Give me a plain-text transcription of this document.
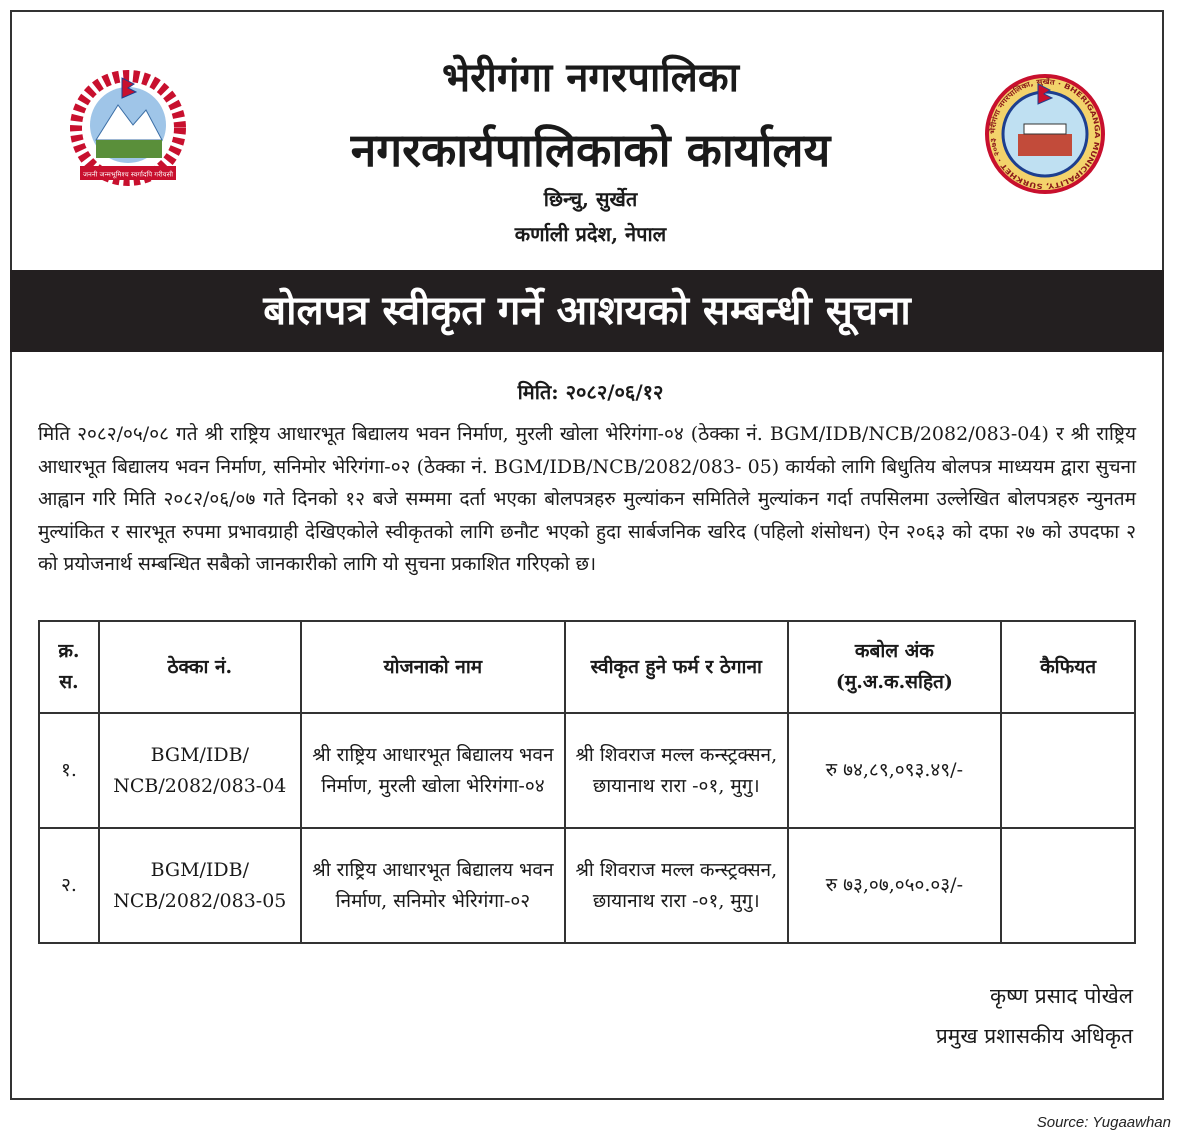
जननी जन्मभूमिश्च स्वर्गादपि गरीयसी
भेरीगंगा नगरपालिका, सुर्खेत · BHERIGANGA MUNICIPALITY, SURKHET · २०७३
भेरीगंगा नगरपालिका
नगरकार्यपालिकाको कार्यालय
छिन्चु, सुर्खेत
कर्णाली प्रदेश, नेपाल
बोलपत्र स्वीकृत गर्ने आशयको सम्बन्धी सूचना
मिति: २०८२/०६/१२
मिति २०८२/०५/०८ गते श्री राष्ट्रिय आधारभूत बिद्यालय भवन निर्माण, मुरली खोला भेरिगंगा-०४ (ठेक्का नं. BGM/IDB/NCB/2082/083-04) र श्री राष्ट्रिय आधारभूत बिद्यालय भवन निर्माण, सनिमोर भेरिगंगा-०२ (ठेक्का नं. BGM/IDB/NCB/2082/083- 05) कार्यको लागि बिधुतिय बोलपत्र माध्ययम द्वारा सुचना आह्वान गरि मिति २०८२/०६/०७ गते दिनको १२ बजे सम्ममा दर्ता भएका बोलपत्रहरु मुल्यांकन समितिले मुल्यांकन गर्दा तपसिलमा उल्लेखित बोलपत्रहरु न्युनतम मुल्यांकित र सारभूत रुपमा प्रभावग्राही देखिएकोले स्वीकृतको लागि छनौट भएको हुदा सार्बजनिक खरिद (पहिलो शंसोधन) ऐन २०६३ को दफा २७ को उपदफा २ को प्रयोजनार्थ सम्बन्धित सबैको जानकारीको लागि यो सुचना प्रकाशित गरिएको छ।
क्र. स.	ठेक्का नं.	योजनाको नाम	स्वीकृत हुने फर्म र ठेगाना	कबोल अंक (मु.अ.क.सहित)	कैफियत
१.	BGM/IDB/ NCB/2082/083-04	श्री राष्ट्रिय आधारभूत बिद्यालय भवन निर्माण, मुरली खोला भेरिगंगा-०४	श्री शिवराज मल्ल कन्स्ट्रक्सन, छायानाथ रारा -०१, मुगु।	रु ७४,८९,०९३.४९/-	
२.	BGM/IDB/ NCB/2082/083-05	श्री राष्ट्रिय आधारभूत बिद्यालय भवन निर्माण, सनिमोर भेरिगंगा-०२	श्री शिवराज मल्ल कन्स्ट्रक्सन, छायानाथ रारा -०१, मुगु।	रु ७३,०७,०५०.०३/-	
कृष्ण प्रसाद पोखेल
प्रमुख प्रशासकीय अधिकृत
Source: Yugaawhan
